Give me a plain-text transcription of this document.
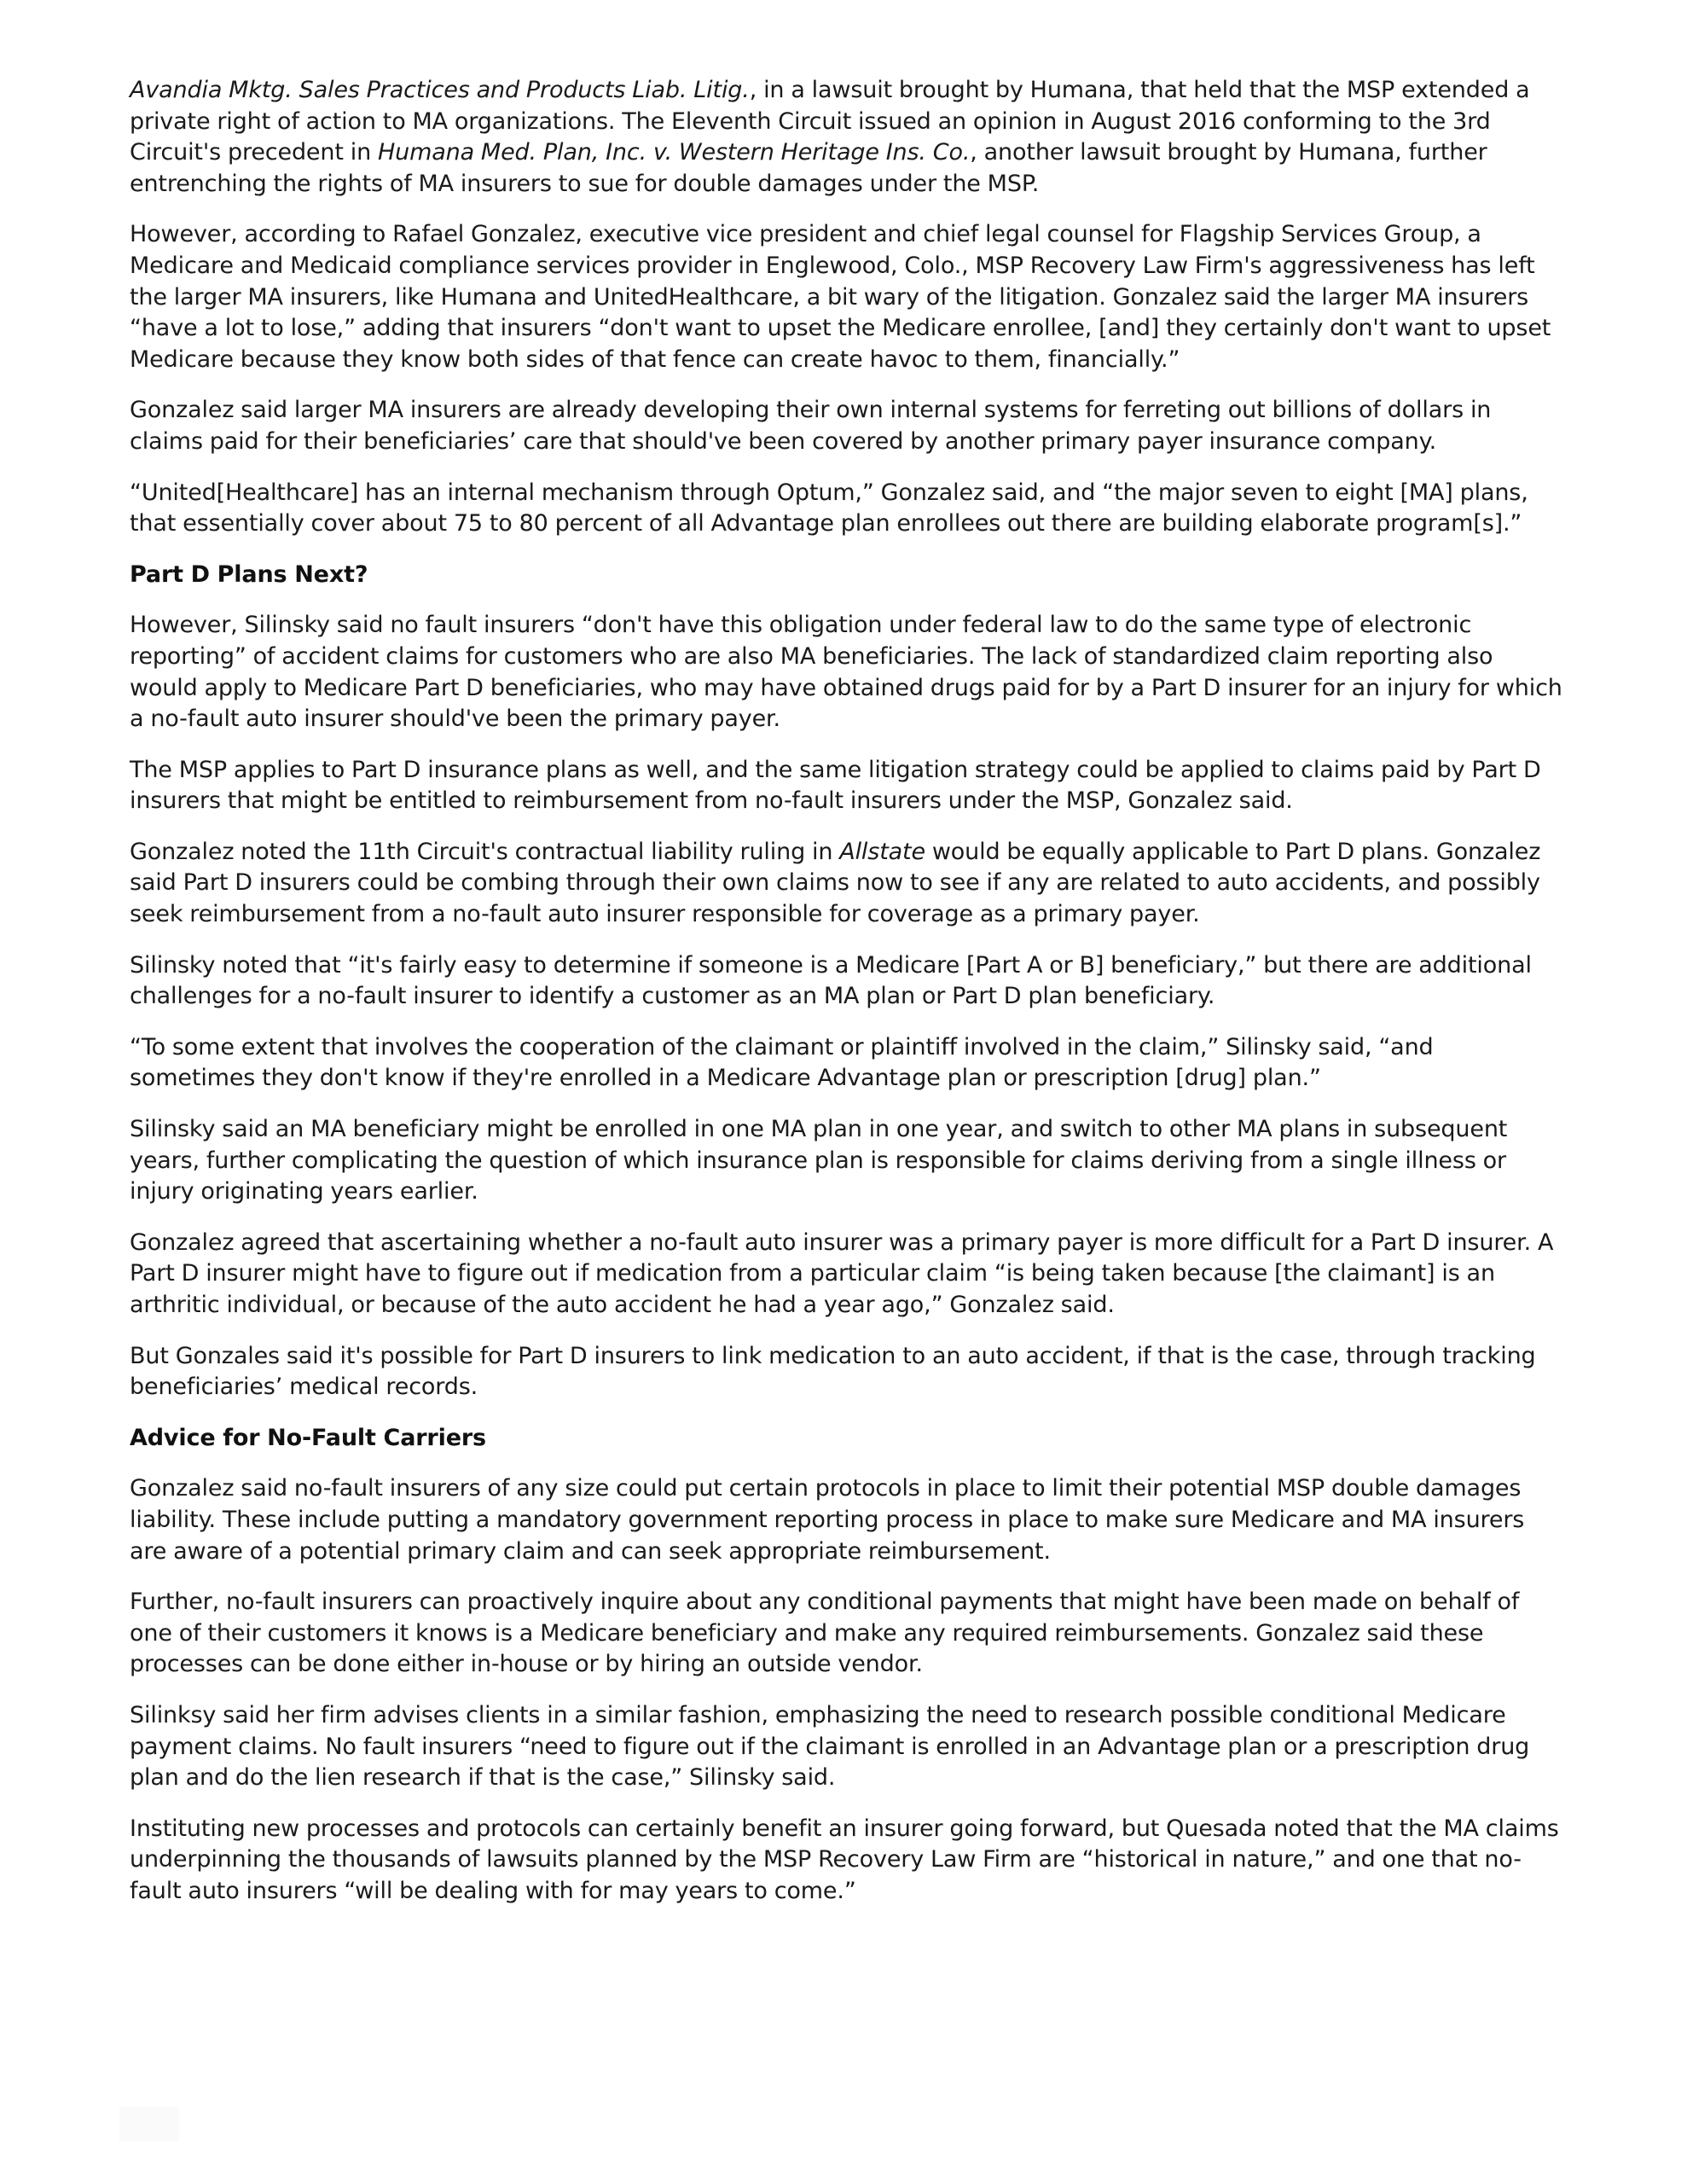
Avandia Mktg. Sales Practices and Products Liab. Litig., in a lawsuit brought by Humana, that held that the MSP extended a private right of action to MA organizations. The Eleventh Circuit issued an opinion in August 2016 conforming to the 3rd Circuit's precedent in Humana Med. Plan, Inc. v. Western Heritage Ins. Co., another lawsuit brought by Humana, further entrenching the rights of MA insurers to sue for double damages under the MSP.

However, according to Rafael Gonzalez, executive vice president and chief legal counsel for Flagship Services Group, a Medicare and Medicaid compliance services provider in Englewood, Colo., MSP Recovery Law Firm's aggressiveness has left the larger MA insurers, like Humana and UnitedHealthcare, a bit wary of the litigation. Gonzalez said the larger MA insurers “have a lot to lose,” adding that insurers “don't want to upset the Medicare enrollee, [and] they certainly don't want to upset Medicare because they know both sides of that fence can create havoc to them, financially.”

Gonzalez said larger MA insurers are already developing their own internal systems for ferreting out billions of dollars in claims paid for their beneficiaries’ care that should've been covered by another primary payer insurance company.

“United[Healthcare] has an internal mechanism through Optum,” Gonzalez said, and “the major seven to eight [MA] plans, that essentially cover about 75 to 80 percent of all Advantage plan enrollees out there are building elaborate program[s].”

Part D Plans Next?

However, Silinsky said no fault insurers “don't have this obligation under federal law to do the same type of electronic reporting” of accident claims for customers who are also MA beneficiaries. The lack of standardized claim reporting also would apply to Medicare Part D beneficiaries, who may have obtained drugs paid for by a Part D insurer for an injury for which a no-fault auto insurer should've been the primary payer.

The MSP applies to Part D insurance plans as well, and the same litigation strategy could be applied to claims paid by Part D insurers that might be entitled to reimbursement from no-fault insurers under the MSP, Gonzalez said.

Gonzalez noted the 11th Circuit's contractual liability ruling in Allstate would be equally applicable to Part D plans. Gonzalez said Part D insurers could be combing through their own claims now to see if any are related to auto accidents, and possibly seek reimbursement from a no-fault auto insurer responsible for coverage as a primary payer.

Silinsky noted that “it's fairly easy to determine if someone is a Medicare [Part A or B] beneficiary,” but there are additional challenges for a no-fault insurer to identify a customer as an MA plan or Part D plan beneficiary.

“To some extent that involves the cooperation of the claimant or plaintiff involved in the claim,” Silinsky said, “and sometimes they don't know if they're enrolled in a Medicare Advantage plan or prescription [drug] plan.”

Silinsky said an MA beneficiary might be enrolled in one MA plan in one year, and switch to other MA plans in subsequent years, further complicating the question of which insurance plan is responsible for claims deriving from a single illness or injury originating years earlier.

Gonzalez agreed that ascertaining whether a no-fault auto insurer was a primary payer is more difficult for a Part D insurer. A Part D insurer might have to figure out if medication from a particular claim “is being taken because [the claimant] is an arthritic individual, or because of the auto accident he had a year ago,” Gonzalez said.

But Gonzales said it's possible for Part D insurers to link medication to an auto accident, if that is the case, through tracking beneficiaries’ medical records.

Advice for No-Fault Carriers

Gonzalez said no-fault insurers of any size could put certain protocols in place to limit their potential MSP double damages liability. These include putting a mandatory government reporting process in place to make sure Medicare and MA insurers are aware of a potential primary claim and can seek appropriate reimbursement.

Further, no-fault insurers can proactively inquire about any conditional payments that might have been made on behalf of one of their customers it knows is a Medicare beneficiary and make any required reimbursements. Gonzalez said these processes can be done either in-house or by hiring an outside vendor.

Silinksy said her firm advises clients in a similar fashion, emphasizing the need to research possible conditional Medicare payment claims. No fault insurers “need to figure out if the claimant is enrolled in an Advantage plan or a prescription drug plan and do the lien research if that is the case,” Silinsky said.

Instituting new processes and protocols can certainly benefit an insurer going forward, but Quesada noted that the MA claims underpinning the thousands of lawsuits planned by the MSP Recovery Law Firm are “historical in nature,” and one that no-fault auto insurers “will be dealing with for may years to come.”
